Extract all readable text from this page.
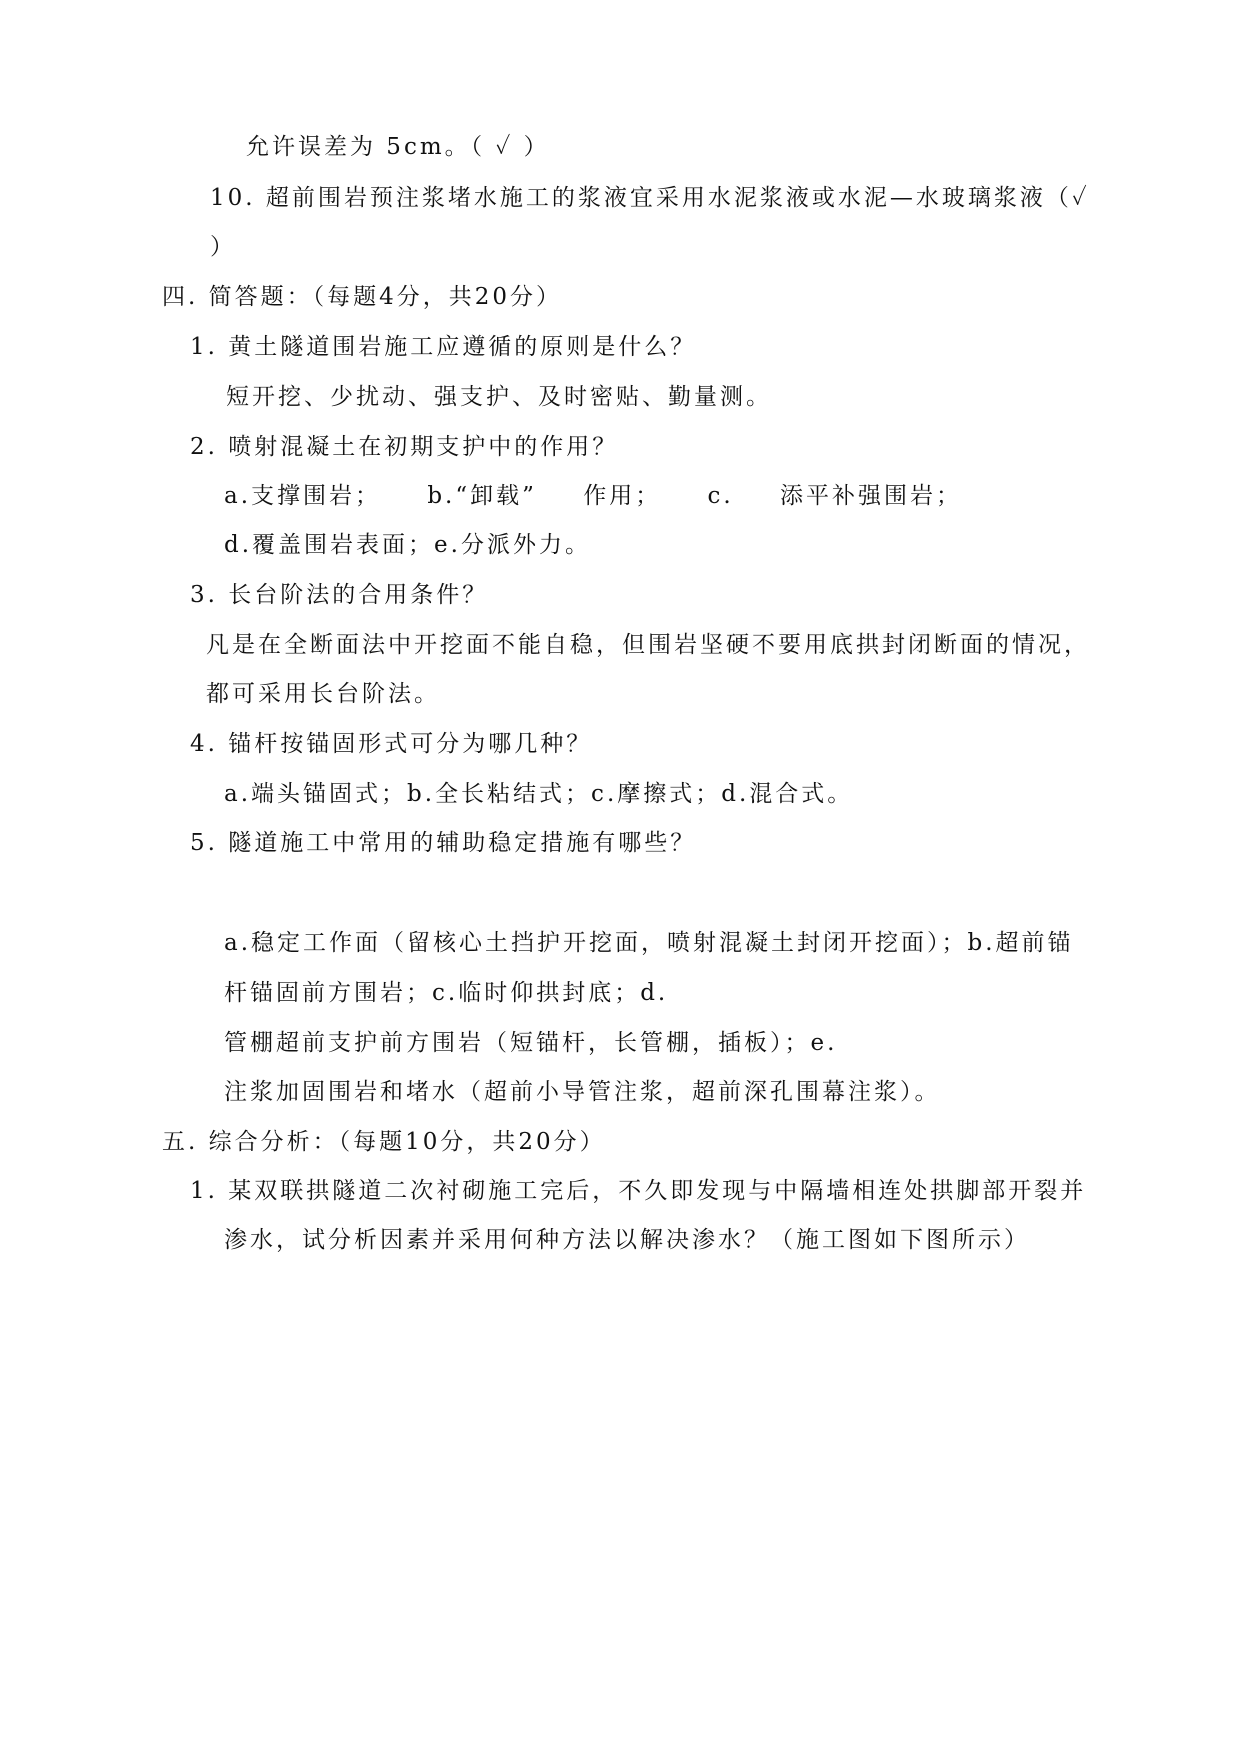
允许误差为 5cm。（ ✓ ）
10. 超前围岩预注浆堵水施工的浆液宜采用水泥浆液或水泥—水玻璃浆液（✓
）
四. 简答题：（每题4分，共20分）
1. 黄土隧道围岩施工应遵循的原则是什么？
短开挖、少扰动、强支护、及时密贴、勤量测。
2. 喷射混凝土在初期支护中的作用？
a.支撑围岩； b.“卸载” 作用； c. 添平补强围岩；
d.覆盖围岩表面；e.分派外力。
3. 长台阶法的合用条件？
凡是在全断面法中开挖面不能自稳，但围岩坚硬不要用底拱封闭断面的情况，
都可采用长台阶法。
4. 锚杆按锚固形式可分为哪几种？
a.端头锚固式；b.全长粘结式；c.摩擦式；d.混合式。
5. 隧道施工中常用的辅助稳定措施有哪些？
a.稳定工作面（留核心土挡护开挖面，喷射混凝土封闭开挖面）；b.超前锚
杆锚固前方围岩；c.临时仰拱封底；d.
管棚超前支护前方围岩（短锚杆，长管棚，插板）；e.
注浆加固围岩和堵水（超前小导管注浆，超前深孔围幕注浆）。
五. 综合分析：（每题10分，共20分）
1. 某双联拱隧道二次衬砌施工完后，不久即发现与中隔墙相连处拱脚部开裂并
渗水，试分析因素并采用何种方法以解决渗水？（施工图如下图所示）
